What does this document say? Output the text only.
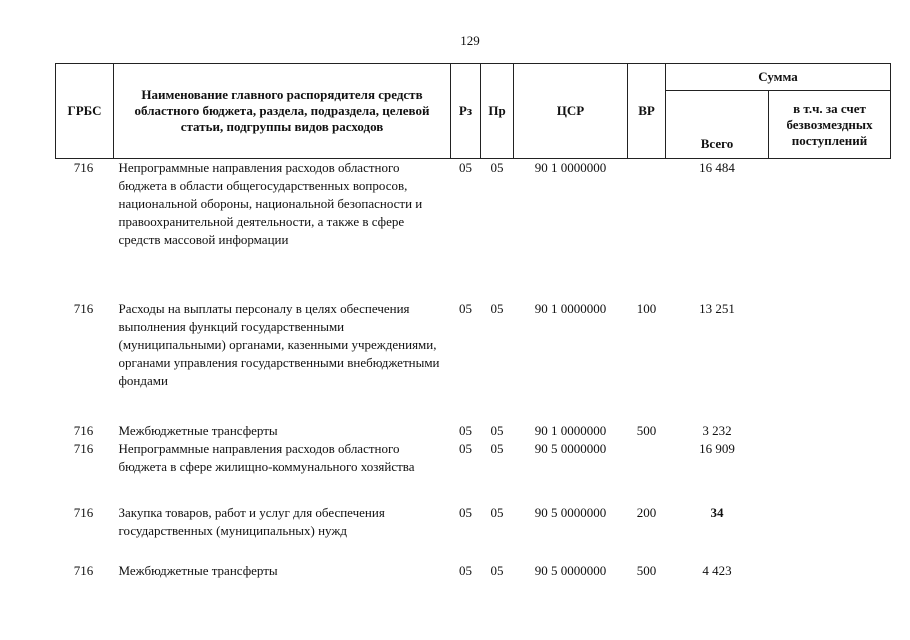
129
ГРБС	Наименование главного распорядителя средств областного бюджета, раздела, подраздела, целевой статьи, подгруппы видов расходов	Рз	Пр	ЦСР	ВР	Сумма	
						Всего	в т.ч. за счет безвозмездных поступлений
716	Непрограммные направления расходов областного бюджета в области общегосударственных вопросов, национальной обороны, национальной безопасности и правоохранительной деятельности, а также в сфере средств массовой информации	05	05	90 1 0000000		16 484	
716	Расходы на выплаты персоналу в целях обеспечения выполнения функций государственными (муниципальными) органами, казенными учреждениями, органами управления государственными внебюджетными фондами	05	05	90 1 0000000	100	13 251	
716	Межбюджетные трансферты	05	05	90 1 0000000	500	3 232	
716	Непрограммные направления расходов областного бюджета в сфере жилищно-коммунального хозяйства	05	05	90 5 0000000		16 909	
716	Закупка товаров, работ и услуг для обеспечения государственных (муниципальных) нужд	05	05	90 5 0000000	200	34	
716	Межбюджетные трансферты	05	05	90 5 0000000	500	4 423	
